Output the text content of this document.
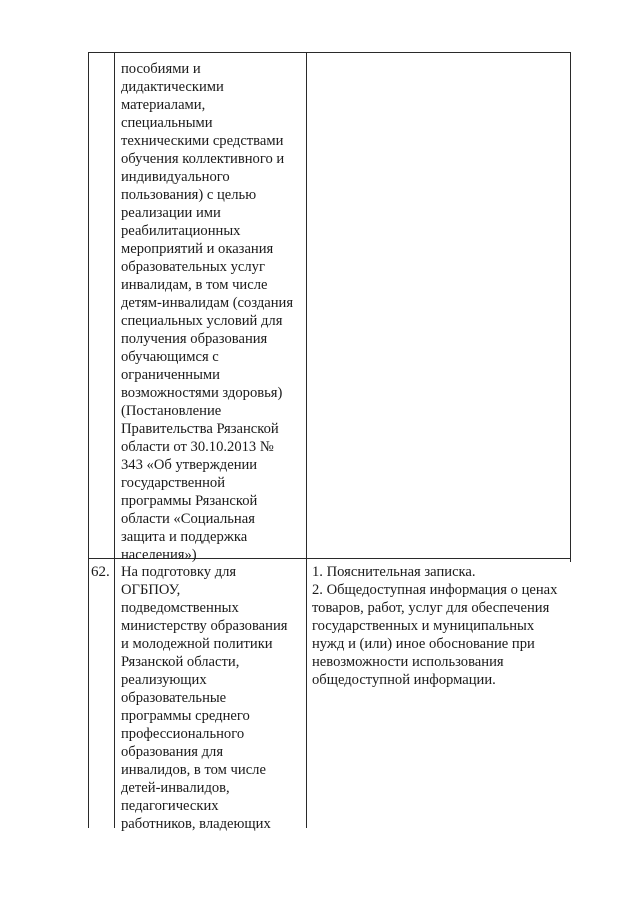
пособиями и
дидактическими
материалами,
специальными
техническими средствами
обучения коллективного и
индивидуального
пользования) с целью
реализации ими
реабилитационных
мероприятий и оказания
образовательных услуг
инвалидам, в том числе
детям-инвалидам (создания
специальных условий для
получения образования
обучающимся с
ограниченными
возможностями здоровья)
(Постановление
Правительства Рязанской
области от 30.10.2013 №
343 «Об утверждении
государственной
программы Рязанской
области «Социальная
защита и поддержка
населения»)
62. На подготовку для
ОГБПОУ,
подведомственных
министерству образования
и молодежной политики
Рязанской области,
реализующих
образовательные
программы среднего
профессионального
образования для
инвалидов, в том числе
детей-инвалидов,
педагогических
работников, владеющих
1. Пояснительная записка.
2. Общедоступная информация о ценах
товаров, работ, услуг для обеспечения
государственных и муниципальных
нужд и (или) иное обоснование при
невозможности использования
общедоступной информации.
